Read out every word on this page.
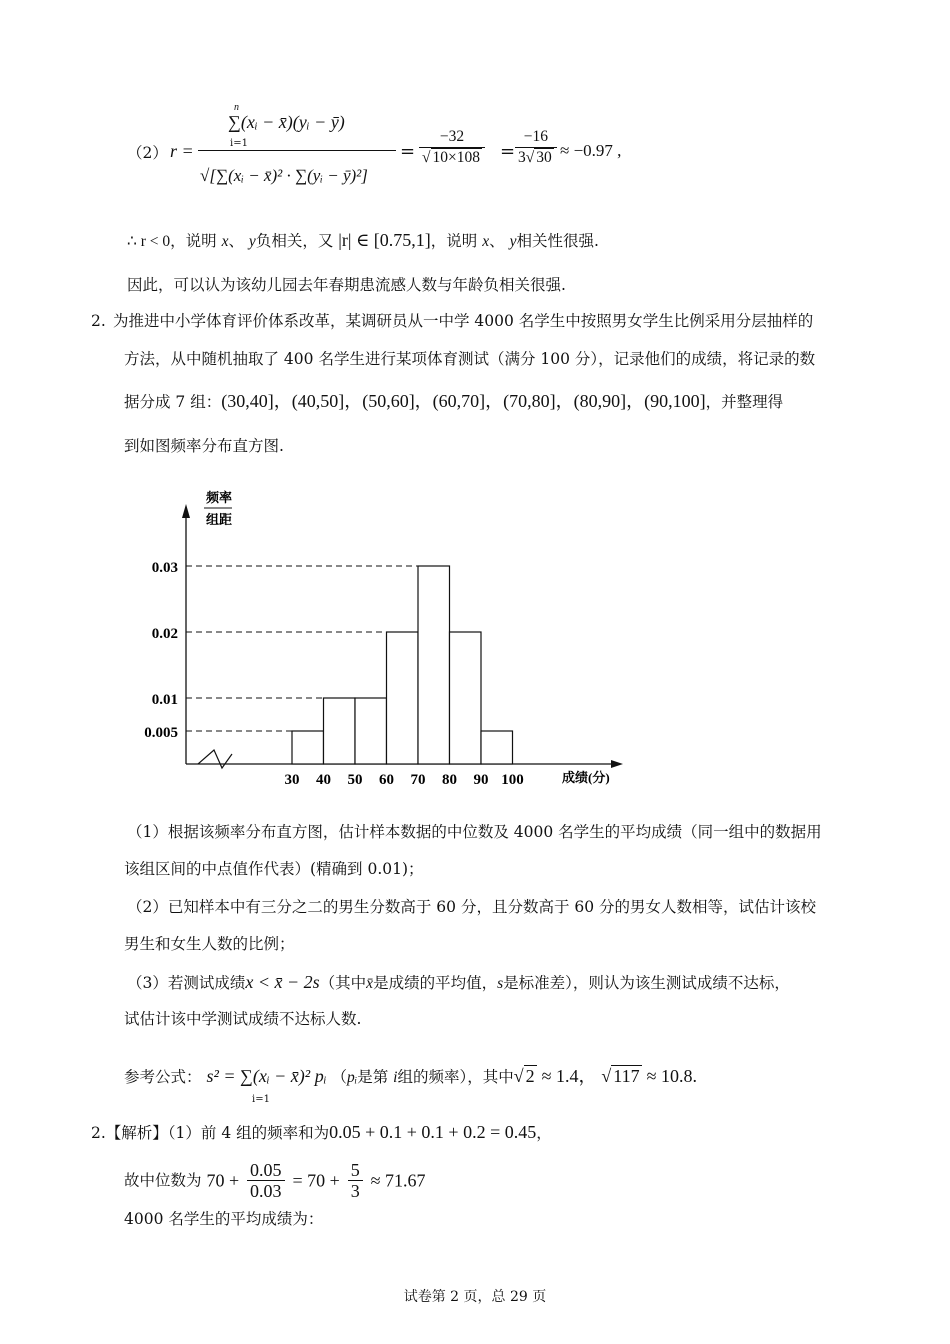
（2） r =
n
∑(xᵢ − x̄)(yᵢ − ȳ)
i=1
√[∑(xᵢ − x̄)² · ∑(yᵢ − ȳ)²]
= $\frac{-32}{√ 10\times 108} = \frac{-16}{3√ 30} \approx -0.97$ ,
∴ r < 0，说明 x、 y负相关，又 |r| ∈ [0.75,1]，说明 x、 y相关性很强.
因此，可以认为该幼儿园去年春期患流感人数与年龄负相关很强.
2. 为推进中小学体育评价体系改革，某调研员从一中学 4000 名学生中按照男女学生比例采用分层抽样的
方法，从中随机抽取了 400 名学生进行某项体育测试（满分 100 分），记录他们的成绩，将记录的数
据分成 7 组：(30,40]，(40,50]，(50,60]，(60,70]，(70,80]，(80,90]，(90,100]，并整理得
到如图频率分布直方图.
频率
组距
0.03
0.02
0.01
0.005
30 40 50 60 70 80 90 100	成绩(分)
（1）根据该频率分布直方图，估计样本数据的中位数及 4000 名学生的平均成绩（同一组中的数据用
该组区间的中点值作代表）(精确到 0.01)；
（2）已知样本中有三分之二的男生分数高于 60 分，且分数高于 60 分的男女人数相等，试估计该校
男生和女生人数的比例；
（3）若测试成绩x < x̄ − 2s（其中x̄是成绩的平均值，s是标准差），则认为该生测试成绩不达标，
试估计该中学测试成绩不达标人数.
参考公式： s² = ∑(xᵢ − x̄)² pᵢ （pᵢ是第 i组的频率），其中√ 2 ≈ 1.4， √ 117 ≈ 10.8.
i=1
2.【解析】（1）前 4 组的频率和为0.05 + 0.1 + 0.1 + 0.2 = 0.45，
故中位数为 $70 + \frac{0.05}{0.03} = 70 + \frac{5}{3} \approx 71.67$
4000 名学生的平均成绩为：
试卷第 2 页，总 29 页
